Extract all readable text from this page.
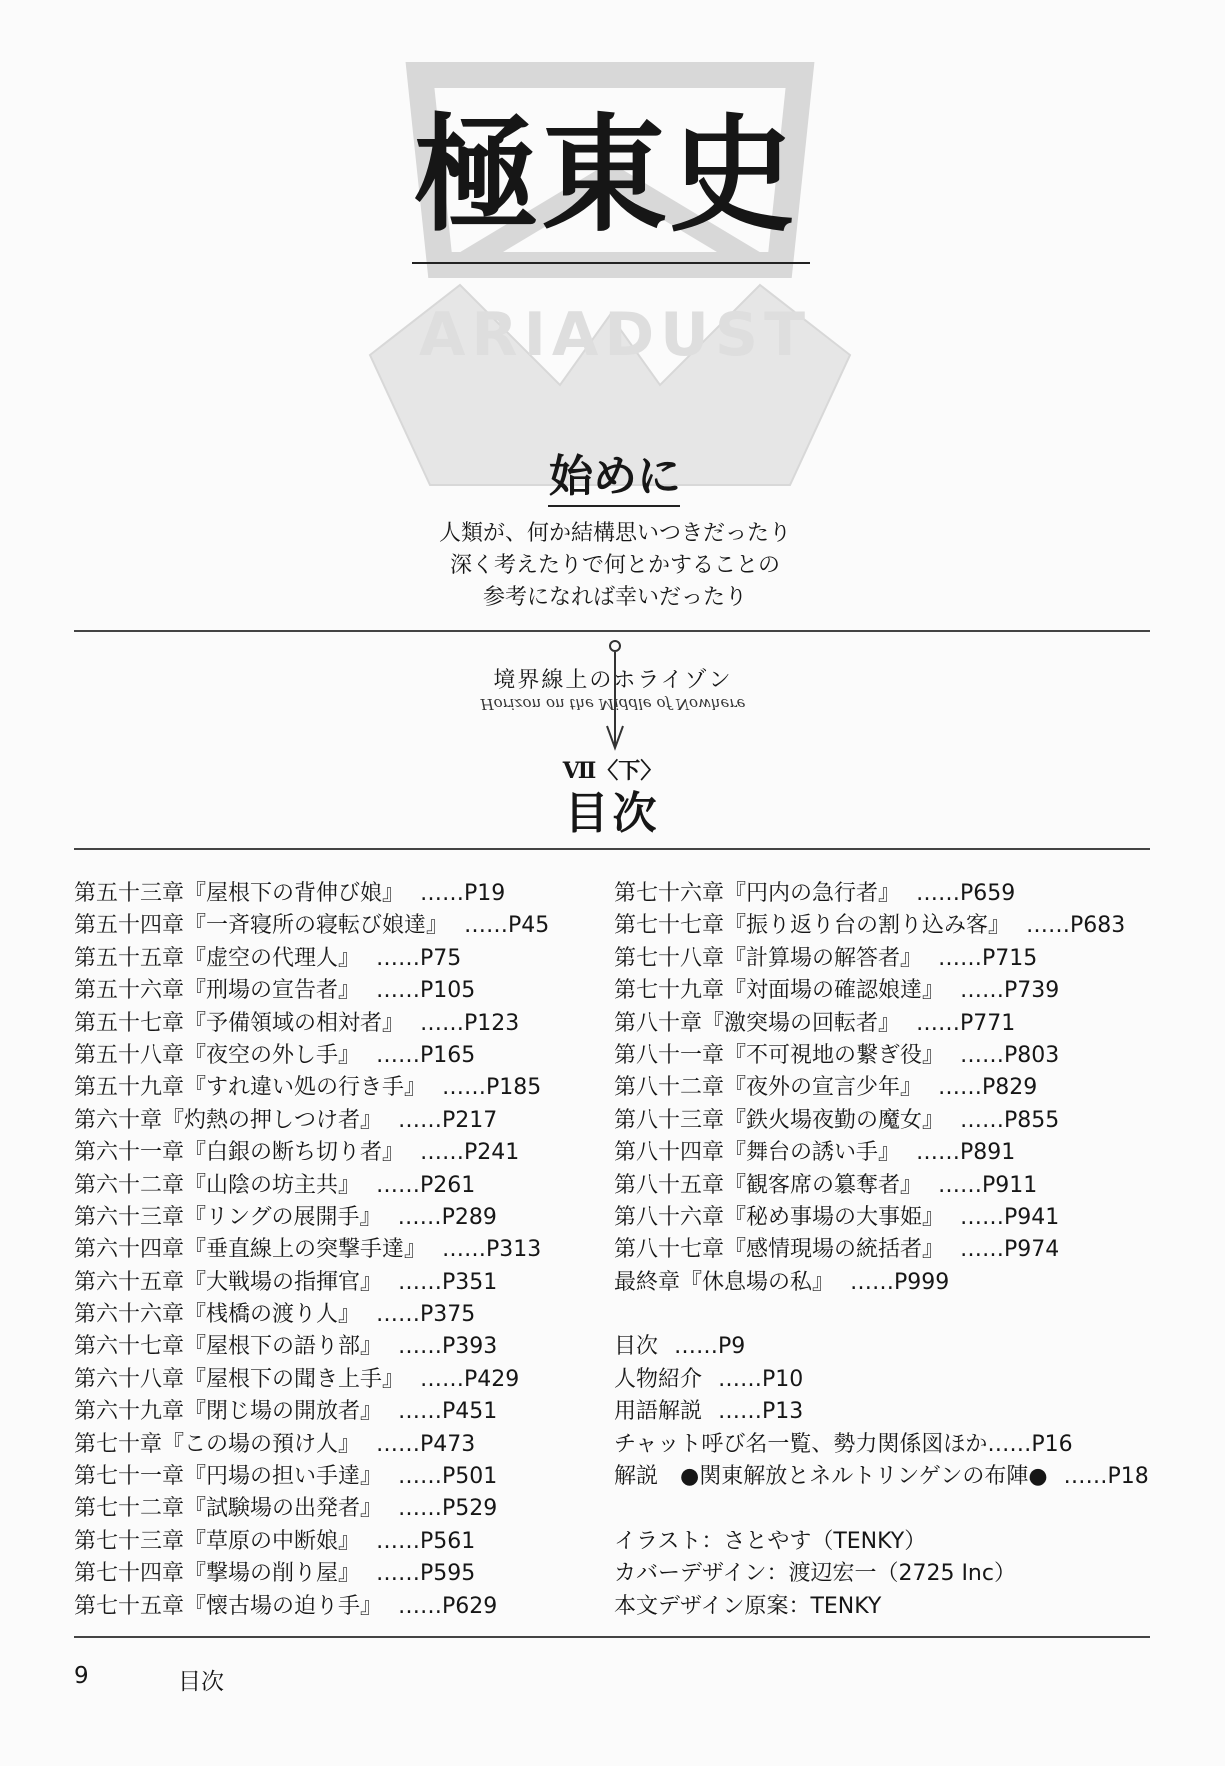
ARIADUST
極東史
始めに
人類が、何か結構思いつきだったり
深く考えたりで何とかすることの
参考になれば幸いだったり
境界線上のホライゾン
Horizon on the Middle of Nowhere
Ⅶ〈下〉
目次
第五十三章『屋根下の背伸び娘』 ……P19
第五十四章『一斉寝所の寝転び娘達』 ……P45
第五十五章『虚空の代理人』 ……P75
第五十六章『刑場の宣告者』 ……P105
第五十七章『予備領域の相対者』 ……P123
第五十八章『夜空の外し手』 ……P165
第五十九章『すれ違い処の行き手』 ……P185
第六十章『灼熱の押しつけ者』 ……P217
第六十一章『白銀の断ち切り者』 ……P241
第六十二章『山陰の坊主共』 ……P261
第六十三章『リングの展開手』 ……P289
第六十四章『垂直線上の突撃手達』 ……P313
第六十五章『大戦場の指揮官』 ……P351
第六十六章『桟橋の渡り人』 ……P375
第六十七章『屋根下の語り部』 ……P393
第六十八章『屋根下の聞き上手』 ……P429
第六十九章『閉じ場の開放者』 ……P451
第七十章『この場の預け人』 ……P473
第七十一章『円場の担い手達』 ……P501
第七十二章『試験場の出発者』 ……P529
第七十三章『草原の中断娘』 ……P561
第七十四章『撃場の削り屋』 ……P595
第七十五章『懐古場の迫り手』 ……P629
第七十六章『円内の急行者』 ……P659
第七十七章『振り返り台の割り込み客』 ……P683
第七十八章『計算場の解答者』 ……P715
第七十九章『対面場の確認娘達』 ……P739
第八十章『激突場の回転者』 ……P771
第八十一章『不可視地の繋ぎ役』 ……P803
第八十二章『夜外の宣言少年』 ……P829
第八十三章『鉄火場夜勤の魔女』 ……P855
第八十四章『舞台の誘い手』 ……P891
第八十五章『観客席の簒奪者』 ……P911
第八十六章『秘め事場の大事姫』 ……P941
第八十七章『感情現場の統括者』 ……P974
最終章『休息場の私』 ……P999
目次 ……P9
人物紹介 ……P10
用語解説 ……P13
チャット呼び名一覧、勢力関係図ほか……P16
解説　●関東解放とネルトリンゲンの布陣● ……P18
イラスト：さとやす（TENKY）
カバーデザイン：渡辺宏一（2725 Inc）
本文デザイン原案：TENKY
9	目次
